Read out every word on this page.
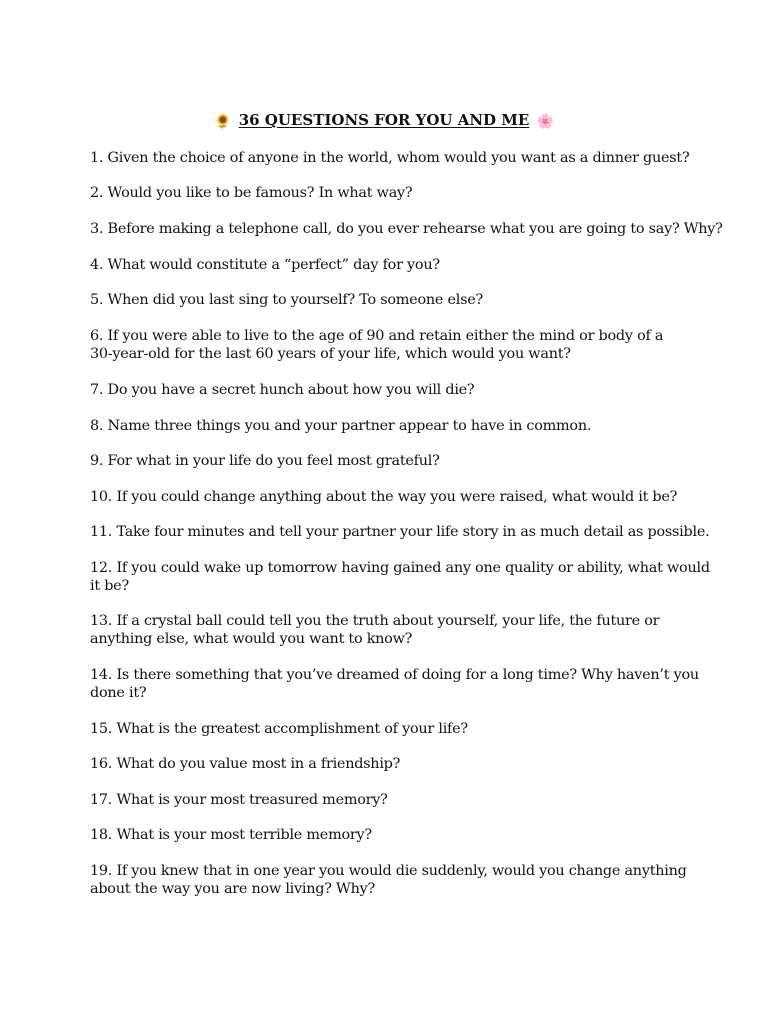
🌻 36 QUESTIONS FOR YOU AND ME 🌸
1. Given the choice of anyone in the world, whom would you want as a dinner guest?
2. Would you like to be famous? In what way?
3. Before making a telephone call, do you ever rehearse what you are going to say? Why?
4. What would constitute a “perfect” day for you?
5. When did you last sing to yourself? To someone else?
6. If you were able to live to the age of 90 and retain either the mind or body of a
30-year-old for the last 60 years of your life, which would you want?
7. Do you have a secret hunch about how you will die?
8. Name three things you and your partner appear to have in common.
9. For what in your life do you feel most grateful?
10. If you could change anything about the way you were raised, what would it be?
11. Take four minutes and tell your partner your life story in as much detail as possible.
12. If you could wake up tomorrow having gained any one quality or ability, what would
it be?
13. If a crystal ball could tell you the truth about yourself, your life, the future or
anything else, what would you want to know?
14. Is there something that you’ve dreamed of doing for a long time? Why haven’t you
done it?
15. What is the greatest accomplishment of your life?
16. What do you value most in a friendship?
17. What is your most treasured memory?
18. What is your most terrible memory?
19. If you knew that in one year you would die suddenly, would you change anything
about the way you are now living? Why?
